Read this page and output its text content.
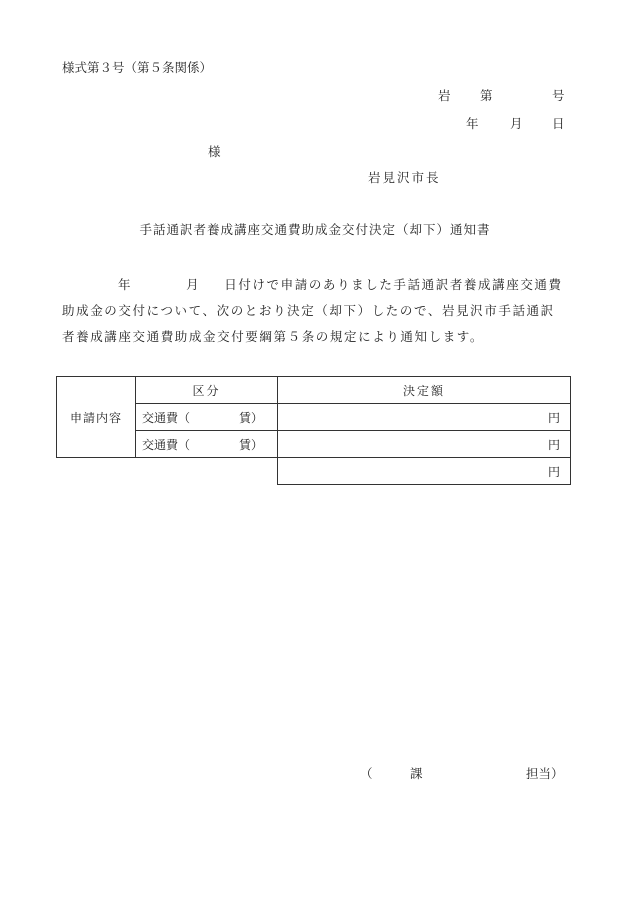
様式第３号（第５条関係）
岩 第	号
年	月 日
様
岩見沢市長
手話通訳者養成講座交通費助成金交付決定（却下）通知書
年	月 日付けで申請のありました手話通訳者養成講座交通費
助成金の交付について、次のとおり決定（却下）したので、岩見沢市手話通訳
者養成講座交通費助成金交付要綱第５条の規定により通知します。
申請内容	区分	決定額

	交通費（ 賃）	円

	交通費（ 賃）	円
		円
（	課	担当）
